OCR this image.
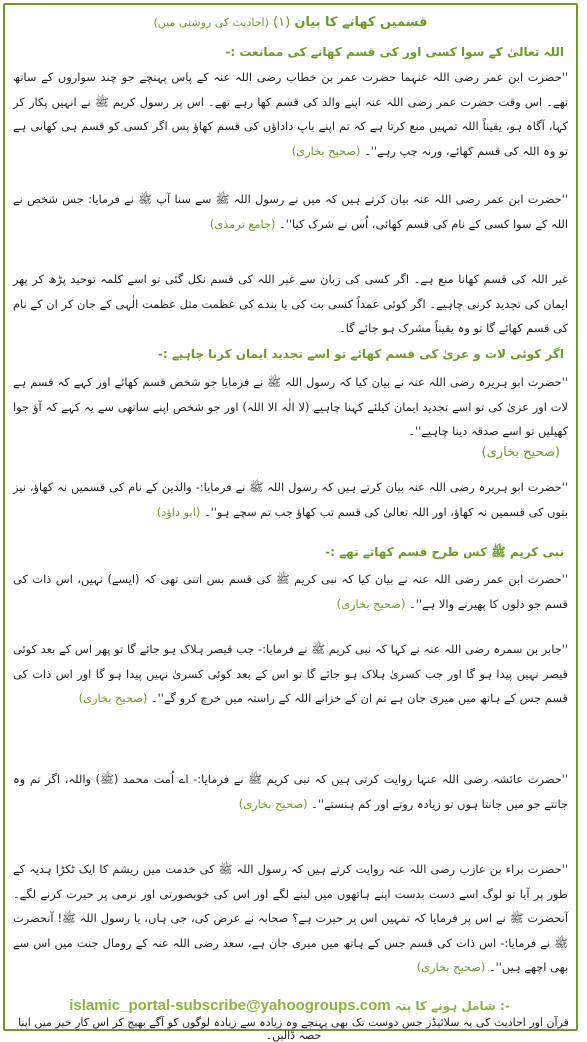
قسمیں کھانے کا بیان (۱) (احادیث کی روشنی میں)
اللہ تعالیٰ کے سوا کسی اور کی قسم کھانے کی ممانعت :-
''حضرت ابن عمر رضی اللہ عنہما حضرت عمر بن خطاب رضی اللہ عنہ کے پاس پہنچے جو چند سواروں کے ساتھ تھے۔ اس وقت حضرت عمر رضی اللہ عنہ اپنے والد کی قسم کھا رہے تھے۔ اس پر رسول کریم ﷺ نے انہیں پکار کر کہا، آگاہ ہو، یقیناً اللہ تمہیں منع کرتا ہے کہ تم اپنے باپ داداؤں کی قسم کھاؤ پس اگر کسی کو قسم ہی کھانی ہے تو وہ اللہ کی قسم کھائے، ورنہ چپ رہے''۔ (صحیح بخاری)
''حضرت ابن عمر رضی اللہ عنہ بیان کرتے ہیں کہ میں نے رسول اللہ ﷺ سے سنا آپ ﷺ نے فرمایا: جس شخص نے اللہ کے سوا کسی کے نام کی قسم کھائی، اُس نے شرک کیا''۔ (جامع ترمذی)
غیر اللہ کی قسم کھانا منع ہے۔ اگر کسی کی زبان سے غیر اللہ کی قسم نکل گئی تو اسے کلمہ توحید پڑھ کر پھر ایمان کی تجدید کرنی چاہیے۔ اگر کوئی عمداً کسی بت کی یا بندے کی عظمت مثل عظمت الٰہی کے جان کر ان کے نام کی قسم کھائے گا تو وہ یقیناً مشرک ہو جائے گا۔
اگر کوئی لات و عزیٰ کی قسم کھائے تو اسے تجدید ایمان کرنا چاہیے :-
''حضرت ابو ہریرہ رضی اللہ عنہ نے بیان کیا کہ رسول اللہ ﷺ نے فرمایا جو شخص قسم کھائے اور کہے کہ قسم ہے لات اور عزیٰ کی تو اسے تجدید ایمان کیلئے کہنا چاہیے (لا الٰہ الا اللہ) اور جو شخص اپنے ساتھی سے یہ کہے کہ آؤ جوا کھیلیں تو اسے صدقہ دینا چاہیے''۔
(صحیح بخاری)
''حضرت ابو ہریرہ رضی اللہ عنہ بیان کرتے ہیں کہ رسول اللہ ﷺ نے فرمایا:- والدین کے نام کی قسمیں نہ کھاؤ، نیز بتوں کی قسمیں نہ کھاؤ، اور اللہ تعالیٰ کی قسم تب کھاؤ جب تم سچے ہو''۔ (ابو داؤد)
نبی کریم ﷺ کس طرح قسم کھاتے تھے :-
''حضرت ابن عمر رضی اللہ عنہ نے بیان کیا کہ نبی کریم ﷺ کی قسم بس اتنی تھی کہ (ایسے) نہیں، اس ذات کی قسم جو دلوں کا پھیرنے والا ہے''۔ (صحیح بخاری)
''جابر بن سمرہ رضی اللہ عنہ نے کہا کہ نبی کریم ﷺ نے فرمایا:- جب قیصر ہلاک ہو جائے گا تو پھر اس کے بعد کوئی قیصر نہیں پیدا ہو گا اور جب کسریٰ ہلاک ہو جائے گا تو اس کے بعد کوئی کسریٰ نہیں پیدا ہو گا اور اس ذات کی قسم جس کے ہاتھ میں میری جان ہے تم ان کے خزانے اللہ کے راستہ میں خرچ کرو گے''۔ (صحیح بخاری)
''حضرت عائشہ رضی اللہ عنہا روایت کرتی ہیں کہ نبی کریم ﷺ نے فرمایا:- اے اُمت محمد (ﷺ) واللہ، اگر تم وہ جانتے جو میں جانتا ہوں تو زیادہ روتے اور کم ہنستے''۔ (صحیح بخاری)
''حضرت براء بن عازب رضی اللہ عنہ روایت کرتے ہیں کہ رسول اللہ ﷺ کی خدمت میں ریشم کا ایک ٹکڑا ہدیہ کے طور پر آیا تو لوگ اسے دست بدست اپنے ہاتھوں میں لینے لگے اور اس کی خوبصورتی اور نرمی پر حیرت کرنے لگے۔ آنحضرت ﷺ نے اس پر فرمایا کہ تمہیں اس پر حیرت ہے؟ صحابہ نے عرض کی، جی ہاں، یا رسول اللہ ﷺ! آنحضرت ﷺ نے فرمایا:- اس ذات کی قسم جس کے ہاتھ میں میری جان ہے، سعد رضی اللہ عنہ کے رومال جنت میں اس سے بھی اچھے ہیں''۔ (صحیح بخاری)
islamic_portal-subscribe@yahoogroups.com شامل ہونے کا پتہ :-
قرآن اور احادیث کی یہ سلائیڈز جس دوست تک بھی پہنچے وہ زیادہ سے زیادہ لوگوں کو آگے بھیج کر اس کارِ خیر میں اپنا حصہ ڈالیں۔
